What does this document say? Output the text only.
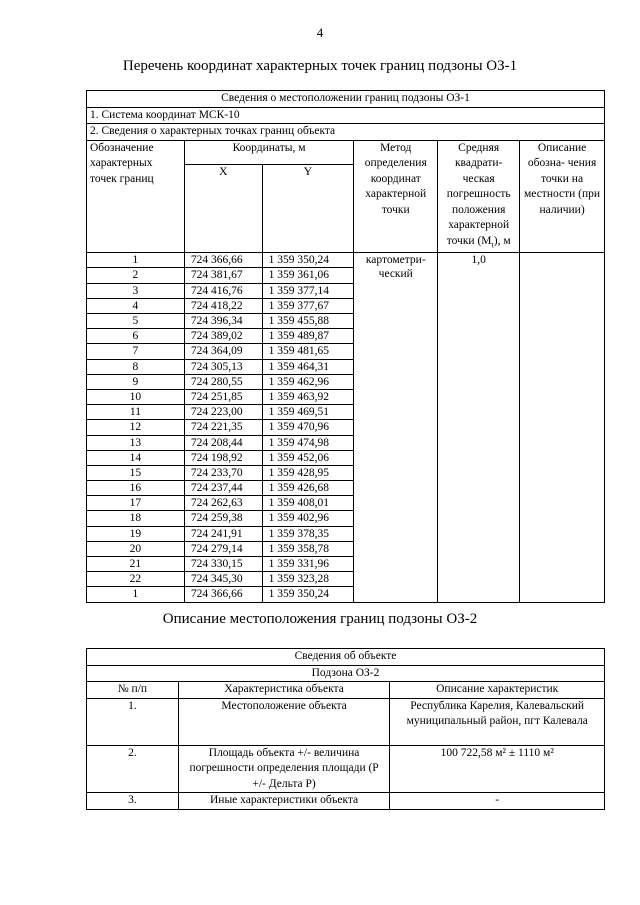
4
Перечень координат характерных точек границ подзоны ОЗ-1
Сведения о местоположении границ подзоны ОЗ-1					
1. Система координат МСК-10					
2. Сведения о характерных точках границ объекта					
Обозначение характерных точек границ	Координаты, м		Метод определения координат характерной точки	Средняя квадрати-ческая погрешность положения характерной точки $(M_t)$, м	Описание обозна- чения точки на местности (при наличии)
	X	Y			
1	724 366,66	1 359 350,24	картометри- ческий	1,0	
2	724 381,67	1 359 361,06			
3	724 416,76	1 359 377,14			
4	724 418,22	1 359 377,67			
5	724 396,34	1 359 455,88			
6	724 389,02	1 359 489,87			
7	724 364,09	1 359 481,65			
8	724 305,13	1 359 464,31			
9	724 280,55	1 359 462,96			
10	724 251,85	1 359 463,92			
11	724 223,00	1 359 469,51			
12	724 221,35	1 359 470,96			
13	724 208,44	1 359 474,98			
14	724 198,92	1 359 452,06			
15	724 233,70	1 359 428,95			
16	724 237,44	1 359 426,68			
17	724 262,63	1 359 408,01			
18	724 259,38	1 359 402,96			
19	724 241,91	1 359 378,35			
20	724 279,14	1 359 358,78			
21	724 330,15	1 359 331,96			
22	724 345,30	1 359 323,28			
1	724 366,66	1 359 350,24			
Описание местоположения границ подзоны ОЗ-2
Сведения об объекте		
Подзона ОЗ-2		
№ п/п	Характеристика объекта	Описание характеристик
1.	Местоположение объекта	Республика Карелия, Калевальский муниципальный район, пгт Калевала
2.	Площадь объекта +/- величина погрешности определения площади (P +/- Дельта P)	100 722,58 м² ± 1110 м²
3.	Иные характеристики объекта	-
